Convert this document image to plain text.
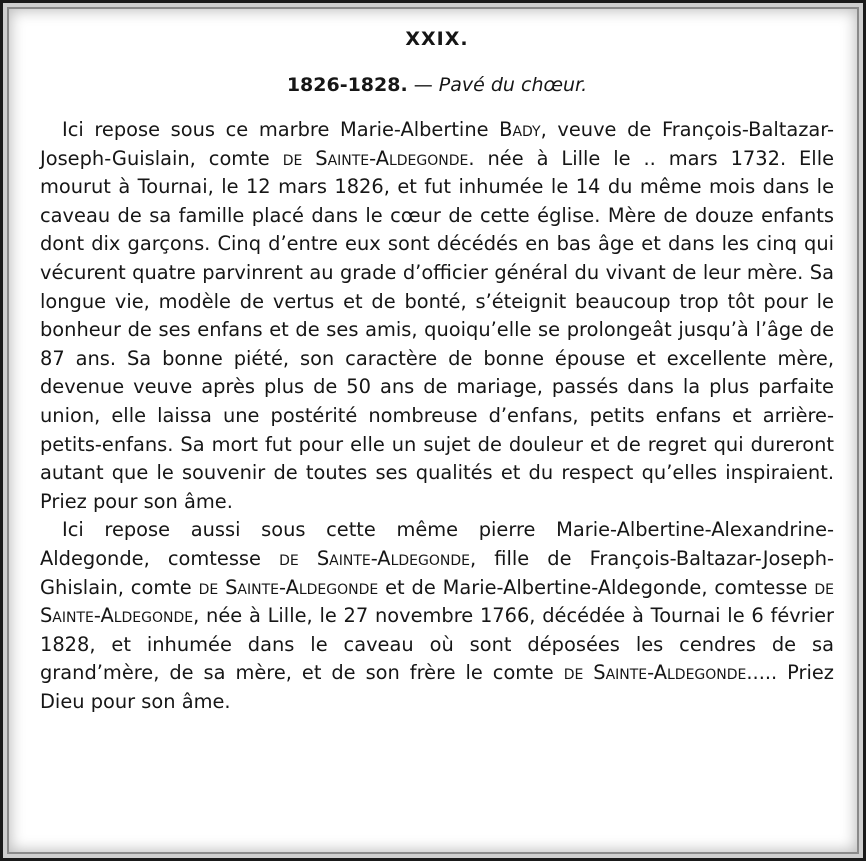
XXIX.
1826-1828. — Pavé du chœur.

Ici repose sous ce marbre Marie-Albertine Bady, veuve de François-Baltazar-Joseph-Guislain, comte de Sainte-Aldegonde. née à Lille le .. mars 1732. Elle mourut à Tournai, le 12 mars 1826, et fut inhumée le 14 du même mois dans le caveau de sa famille placé dans le cœur de cette église. Mère de douze enfants dont dix garçons. Cinq d’entre eux sont décédés en bas âge et dans les cinq qui vécurent quatre parvinrent au grade d’officier général du vivant de leur mère. Sa longue vie, modèle de vertus et de bonté, s’éteignit beaucoup trop tôt pour le bonheur de ses enfans et de ses amis, quoiqu’elle se prolongeât jusqu’à l’âge de 87 ans. Sa bonne piété, son caractère de bonne épouse et excellente mère, devenue veuve après plus de 50 ans de mariage, passés dans la plus parfaite union, elle laissa une postérité nombreuse d’enfans, petits enfans et arrière-petits-enfans. Sa mort fut pour elle un sujet de douleur et de regret qui dureront autant que le souvenir de toutes ses qualités et du respect qu’elles inspiraient. Priez pour son âme.

Ici repose aussi sous cette même pierre Marie-Albertine-Alexandrine-Aldegonde, comtesse de Sainte-Aldegonde, fille de François-Baltazar-Joseph-Ghislain, comte de Sainte-Aldegonde et de Marie-Albertine-Aldegonde, comtesse de Sainte-Aldegonde, née à Lille, le 27 novembre 1766, décédée à Tournai le 6 février 1828, et inhumée dans le caveau où sont déposées les cendres de sa grand’mère, de sa mère, et de son frère le comte de Sainte-Aldegonde..... Priez Dieu pour son âme.
